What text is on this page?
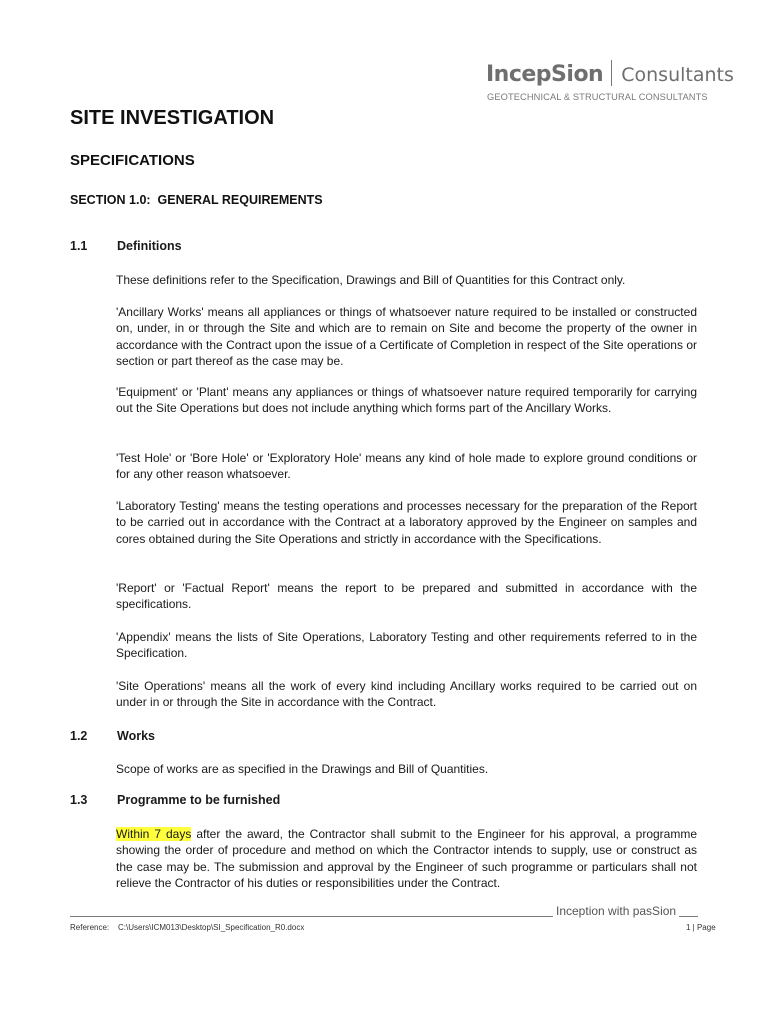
IncepSion Consultants
GEOTECHNICAL & STRUCTURAL CONSULTANTS
SITE INVESTIGATION
SPECIFICATIONS
SECTION 1.0:  GENERAL REQUIREMENTS
1.1 Definitions
These definitions refer to the Specification, Drawings and Bill of Quantities for this Contract only.
'Ancillary Works' means all appliances or things of whatsoever nature required to be installed or constructed on, under, in or through the Site and which are to remain on Site and become the property of the owner in accordance with the Contract upon the issue of a Certificate of Completion in respect of the Site operations or section or part thereof as the case may be.
'Equipment' or 'Plant' means any appliances or things of whatsoever nature required temporarily for carrying out the Site Operations but does not include anything which forms part of the Ancillary Works.
'Test Hole' or 'Bore Hole' or 'Exploratory Hole' means any kind of hole made to explore ground conditions or for any other reason whatsoever.
'Laboratory Testing' means the testing operations and processes necessary for the preparation of the Report to be carried out in accordance with the Contract at a laboratory approved by the Engineer on samples and cores obtained during the Site Operations and strictly in accordance with the Specifications.
'Report' or 'Factual Report' means the report to be prepared and submitted in accordance with the specifications.
'Appendix' means the lists of Site Operations, Laboratory Testing and other requirements referred to in the Specification.
'Site Operations' means all the work of every kind including Ancillary works required to be carried out on under in or through the Site in accordance with the Contract.
1.2 Works
Scope of works are as specified in the Drawings and Bill of Quantities.
1.3 Programme to be furnished
Within 7 days after the award, the Contractor shall submit to the Engineer for his approval, a programme showing the order of procedure and method on which the Contractor intends to supply, use or construct as the case may be. The submission and approval by the Engineer of such programme or particulars shall not relieve the Contractor of his duties or responsibilities under the Contract.
Inception with pasSion
Reference:    C:\Users\ICM013\Desktop\SI_Specification_R0.docx	1 | Page
